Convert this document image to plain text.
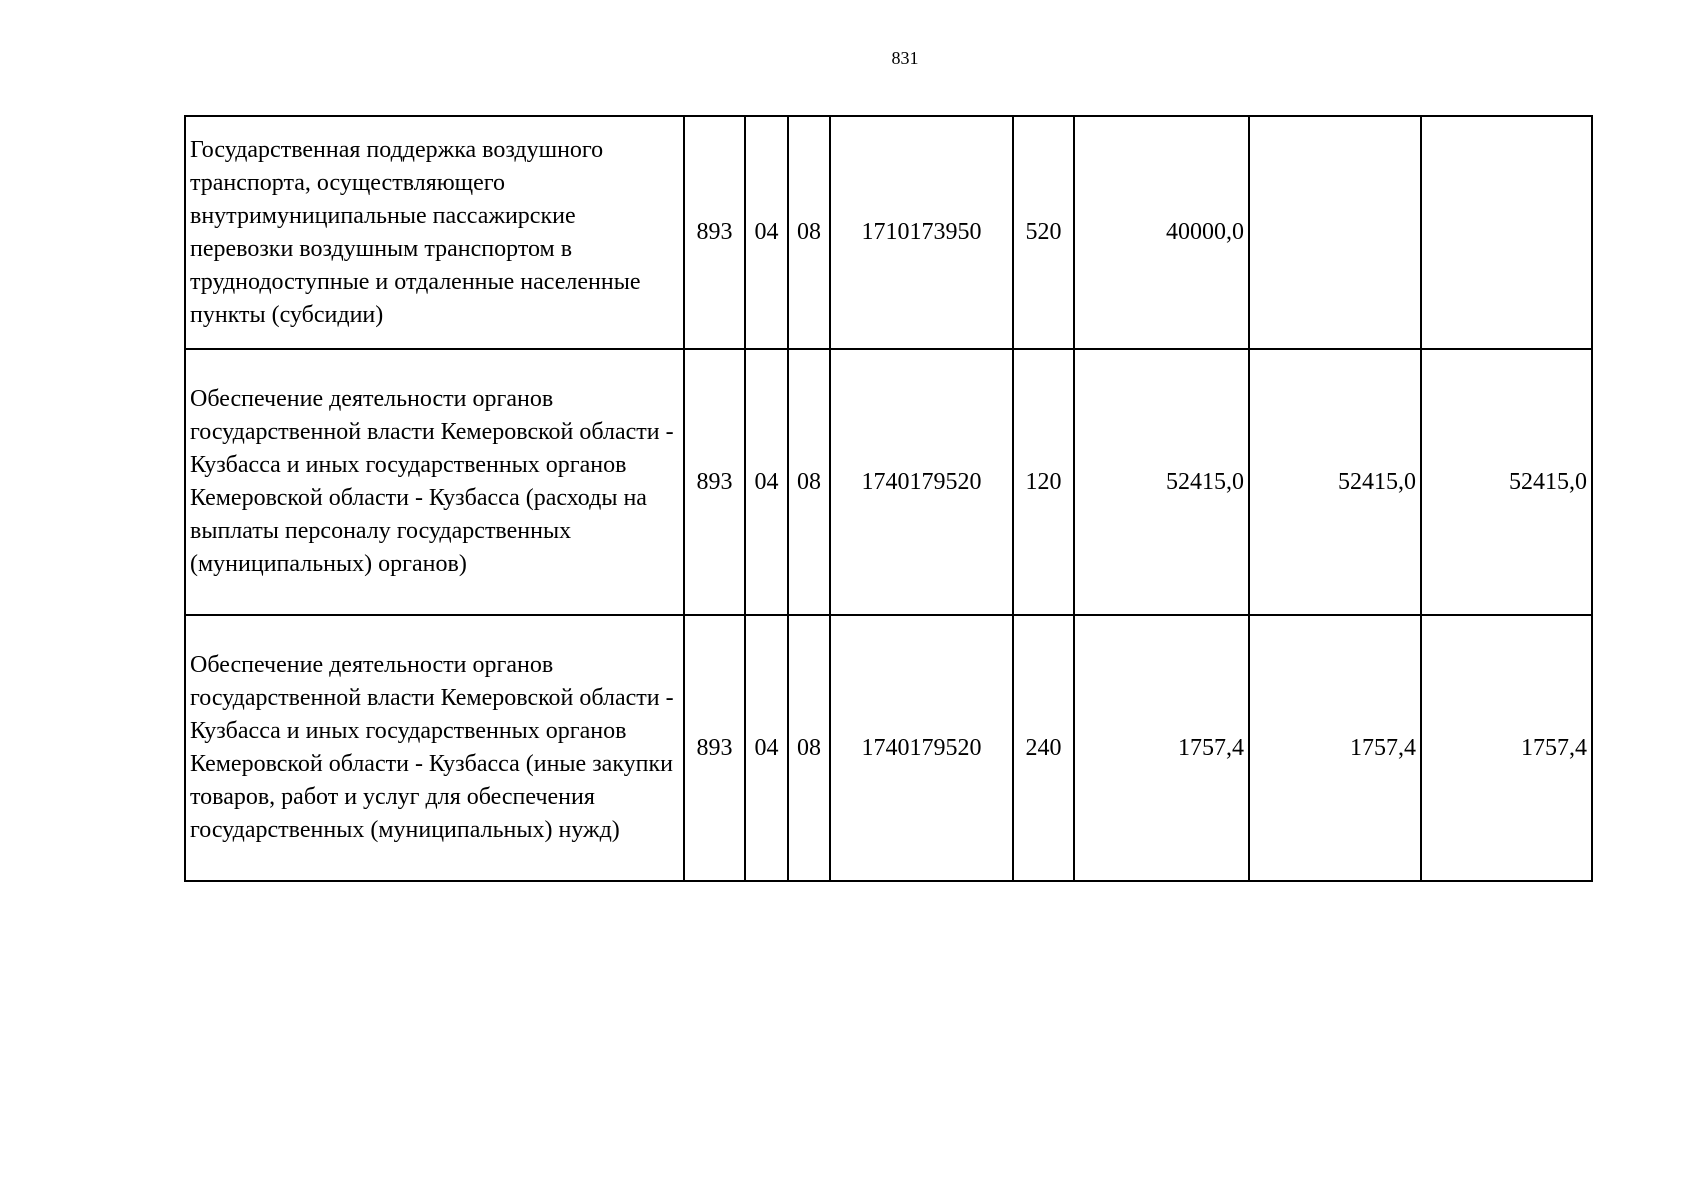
831
Государственная поддержка воздушного транспорта, осуществляющего внутримуниципальные пассажирские перевозки воздушным транспортом в труднодоступные и отдаленные населенные пункты (субсидии)	893	04	08	1710173950	520	40000,0		
Обеспечение деятельности органов государственной власти Кемеровской области - Кузбасса и иных государственных органов Кемеровской области - Кузбасса (расходы на выплаты персоналу государственных (муниципальных) органов)	893	04	08	1740179520	120	52415,0	52415,0	52415,0
Обеспечение деятельности органов государственной власти Кемеровской области - Кузбасса и иных государственных органов Кемеровской области - Кузбасса (иные закупки товаров, работ и услуг для обеспечения государственных (муниципальных) нужд)	893	04	08	1740179520	240	1757,4	1757,4	1757,4
